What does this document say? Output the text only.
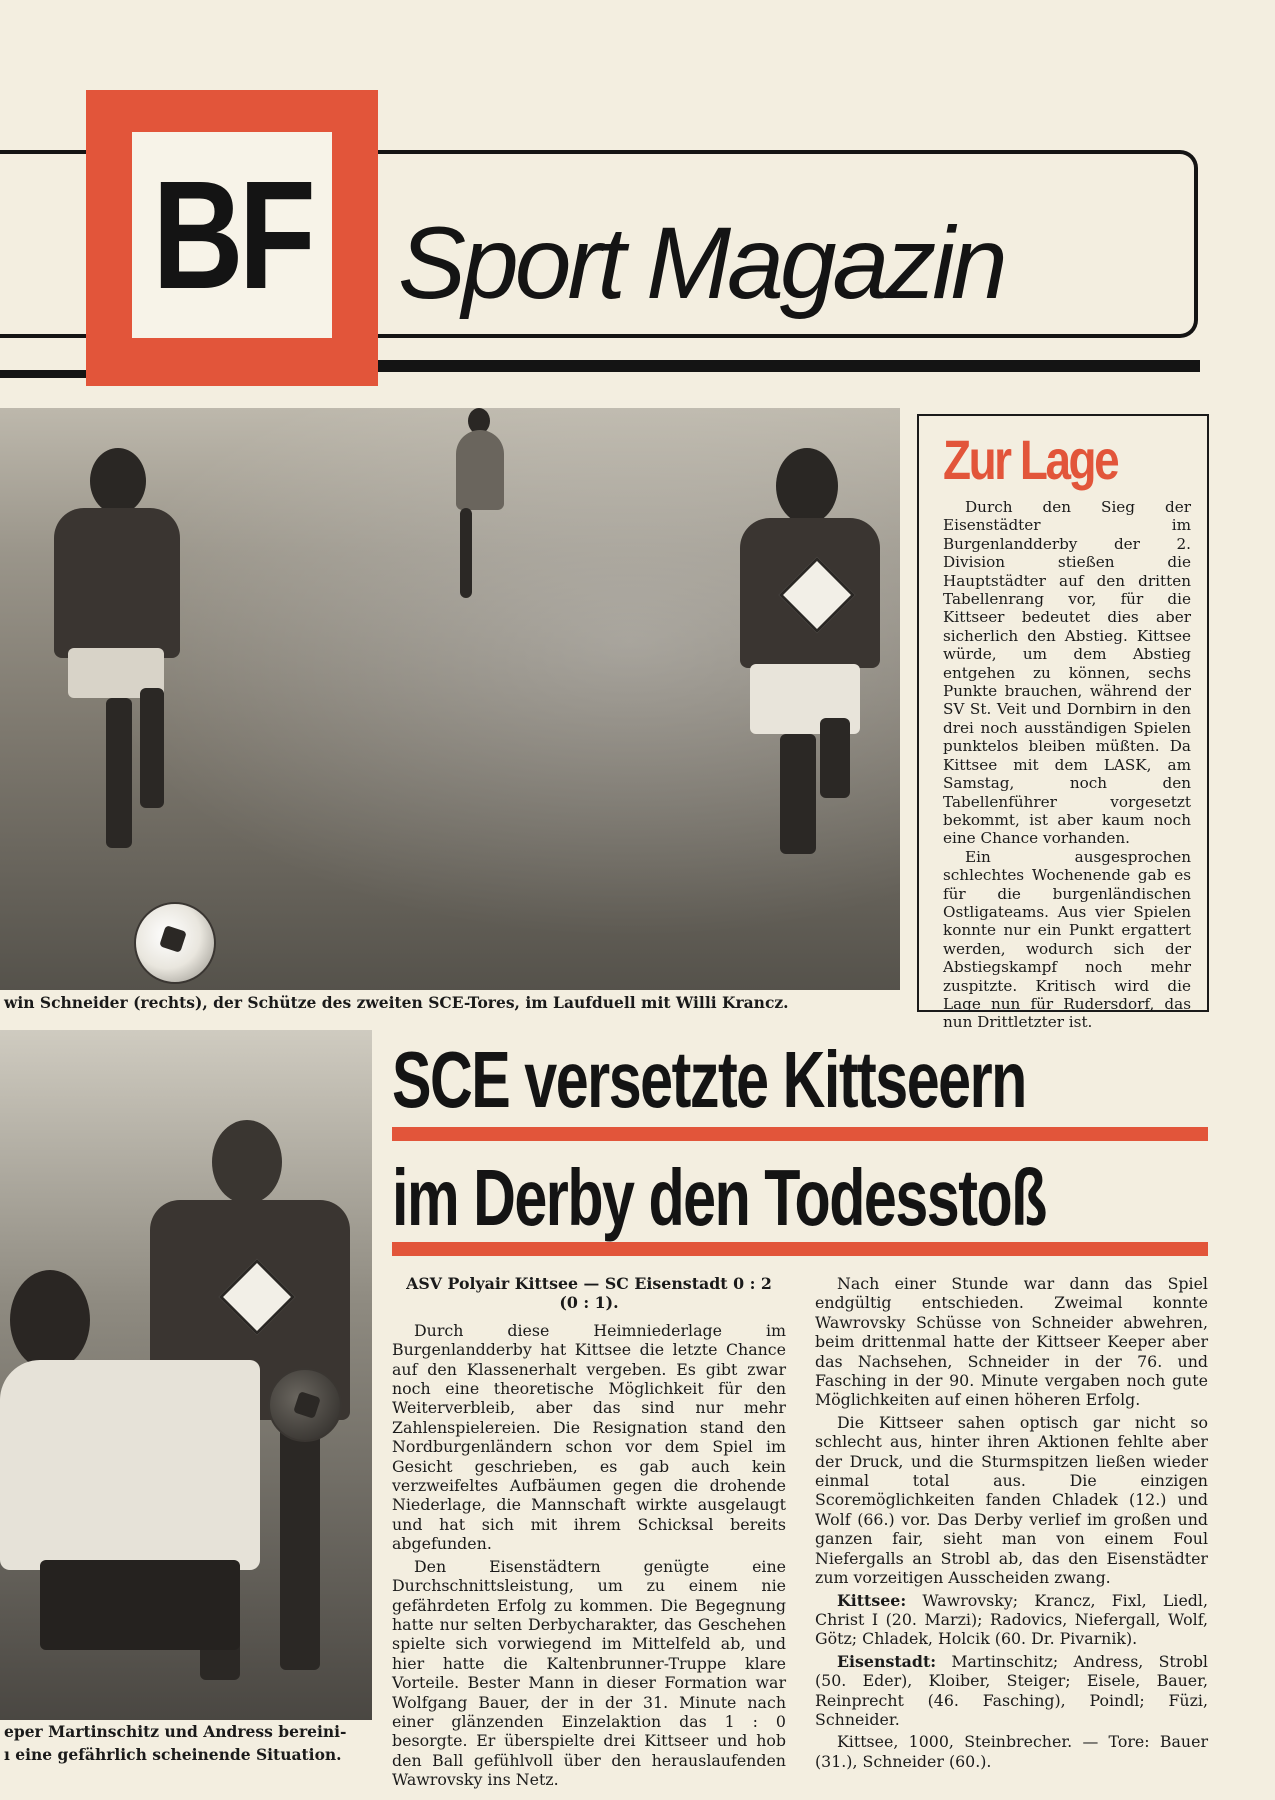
BF Sport Magazin
win Schneider (rechts), der Schütze des zweiten SCE-Tores, im Laufduell mit Willi Krancz.
Zur Lage

Durch den Sieg der Eisenstädter im Burgenlandderby der 2. Division stießen die Hauptstädter auf den dritten Tabellenrang vor, für die Kittseer bedeutet dies aber sicherlich den Abstieg. Kittsee würde, um dem Abstieg entgehen zu können, sechs Punkte brauchen, während der SV St. Veit und Dornbirn in den drei noch ausständigen Spielen punktelos bleiben müßten. Da Kittsee mit dem LASK, am Samstag, noch den Tabellenführer vorgesetzt bekommt, ist aber kaum noch eine Chance vorhanden.

Ein ausgesprochen schlechtes Wochenende gab es für die burgenländischen Ostligateams. Aus vier Spielen konnte nur ein Punkt ergattert werden, wodurch sich der Abstiegskampf noch mehr zuspitzte. Kritisch wird die Lage nun für Rudersdorf, das nun Drittletzter ist.

eper Martinschitz und Andress bereini-
ı eine gefährlich scheinende Situation.
SCE versetzte Kittseern
im Derby den Todesstoß

ASV Polyair Kittsee — SC Eisenstadt 0 : 2
(0 : 1).

Durch diese Heimniederlage im Burgenlandderby hat Kittsee die letzte Chance auf den Klassenerhalt vergeben. Es gibt zwar noch eine theoretische Möglichkeit für den Weiterverbleib, aber das sind nur mehr Zahlenspielereien. Die Resignation stand den Nordburgenländern schon vor dem Spiel im Gesicht geschrieben, es gab auch kein verzweifeltes Aufbäumen gegen die drohende Niederlage, die Mannschaft wirkte ausgelaugt und hat sich mit ihrem Schicksal bereits abgefunden.

Den Eisenstädtern genügte eine Durchschnittsleistung, um zu einem nie gefährdeten Erfolg zu kommen. Die Begegnung hatte nur selten Derbycharakter, das Geschehen spielte sich vorwiegend im Mittelfeld ab, und hier hatte die Kaltenbrunner-Truppe klare Vorteile. Bester Mann in dieser Formation war Wolfgang Bauer, der in der 31. Minute nach einer glänzenden Einzelaktion das 1 : 0 besorgte. Er überspielte drei Kittseer und hob den Ball gefühlvoll über den herauslaufenden Wawrovsky ins Netz.

Nach einer Stunde war dann das Spiel endgültig entschieden. Zweimal konnte Wawrovsky Schüsse von Schneider abwehren, beim drittenmal hatte der Kittseer Keeper aber das Nachsehen, Schneider in der 76. und Fasching in der 90. Minute vergaben noch gute Möglichkeiten auf einen höheren Erfolg.

Die Kittseer sahen optisch gar nicht so schlecht aus, hinter ihren Aktionen fehlte aber der Druck, und die Sturmspitzen ließen wieder einmal total aus. Die einzigen Scoremöglichkeiten fanden Chladek (12.) und Wolf (66.) vor. Das Derby verlief im großen und ganzen fair, sieht man von einem Foul Niefergalls an Strobl ab, das den Eisenstädter zum vorzeitigen Ausscheiden zwang.

Kittsee: Wawrovsky; Krancz, Fixl, Liedl, Christ I (20. Marzi); Radovics, Niefergall, Wolf, Götz; Chladek, Holcik (60. Dr. Pivarnik).

Eisenstadt: Martinschitz; Andress, Strobl (50. Eder), Kloiber, Steiger; Eisele, Bauer, Reinprecht (46. Fasching), Poindl; Füzi, Schneider.

Kittsee, 1000, Steinbrecher. — Tore: Bauer (31.), Schneider (60.).
